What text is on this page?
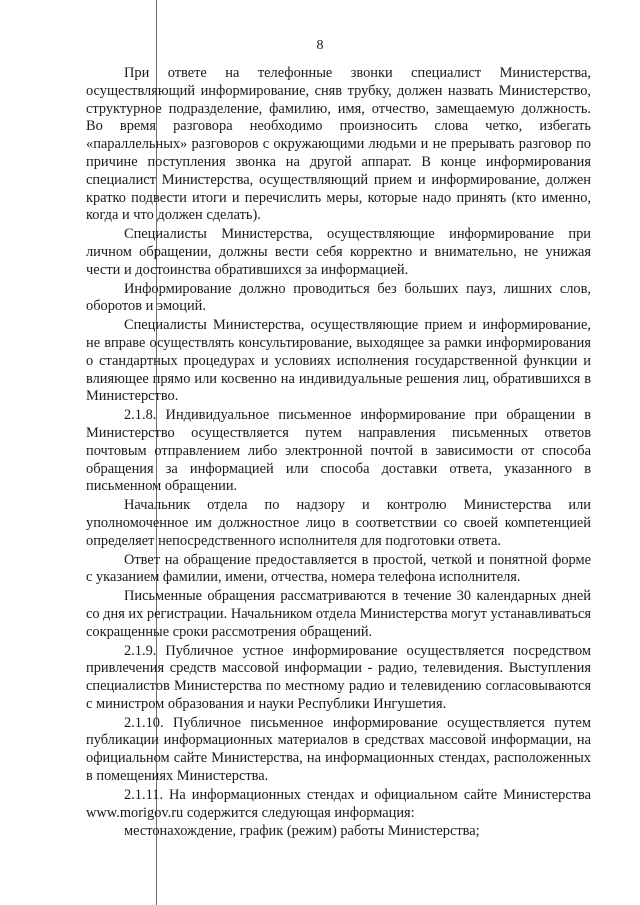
8

При ответе на телефонные звонки специалист Министерства, осуществляющий информирование, сняв трубку, должен назвать Министерство, структурное подразделение, фамилию, имя, отчество, замещаемую должность. Во время разговора необходимо произносить слова четко, избегать «параллельных» разговоров с окружающими людьми и не прерывать разговор по причине поступления звонка на другой аппарат. В конце информирования специалист Министерства, осуществляющий прием и информирование, должен кратко подвести итоги и перечислить меры, которые надо принять (кто именно, когда и что должен сделать).

Специалисты Министерства, осуществляющие информирование при личном обращении, должны вести себя корректно и внимательно, не унижая чести и достоинства обратившихся за информацией.

Информирование должно проводиться без больших пауз, лишних слов, оборотов и эмоций.

Специалисты Министерства, осуществляющие прием и информирование, не вправе осуществлять консультирование, выходящее за рамки информирования о стандартных процедурах и условиях исполнения государственной функции и влияющее прямо или косвенно на индивидуальные решения лиц, обратившихся в Министерство.

2.1.8. Индивидуальное письменное информирование при обращении в Министерство осуществляется путем направления письменных ответов почтовым отправлением либо электронной почтой в зависимости от способа обращения за информацией или способа доставки ответа, указанного в письменном обращении.

Начальник отдела по надзору и контролю Министерства или уполномоченное им должностное лицо в соответствии со своей компетенцией определяет непосредственного исполнителя для подготовки ответа.

Ответ на обращение предоставляется в простой, четкой и понятной форме с указанием фамилии, имени, отчества, номера телефона исполнителя.

Письменные обращения рассматриваются в течение 30 календарных дней со дня их регистрации. Начальником отдела Министерства могут устанавливаться сокращенные сроки рассмотрения обращений.

2.1.9. Публичное устное информирование осуществляется посредством привлечения средств массовой информации - радио, телевидения. Выступления специалистов Министерства по местному радио и телевидению согласовываются с министром образования и науки Республики Ингушетия.

2.1.10. Публичное письменное информирование осуществляется путем публикации информационных материалов в средствах массовой информации, на официальном сайте Министерства, на информационных стендах, расположенных в помещениях Министерства.

2.1.11. На информационных стендах и официальном сайте Министерства www.morigov.ru содержится следующая информация:

местонахождение, график (режим) работы Министерства;
